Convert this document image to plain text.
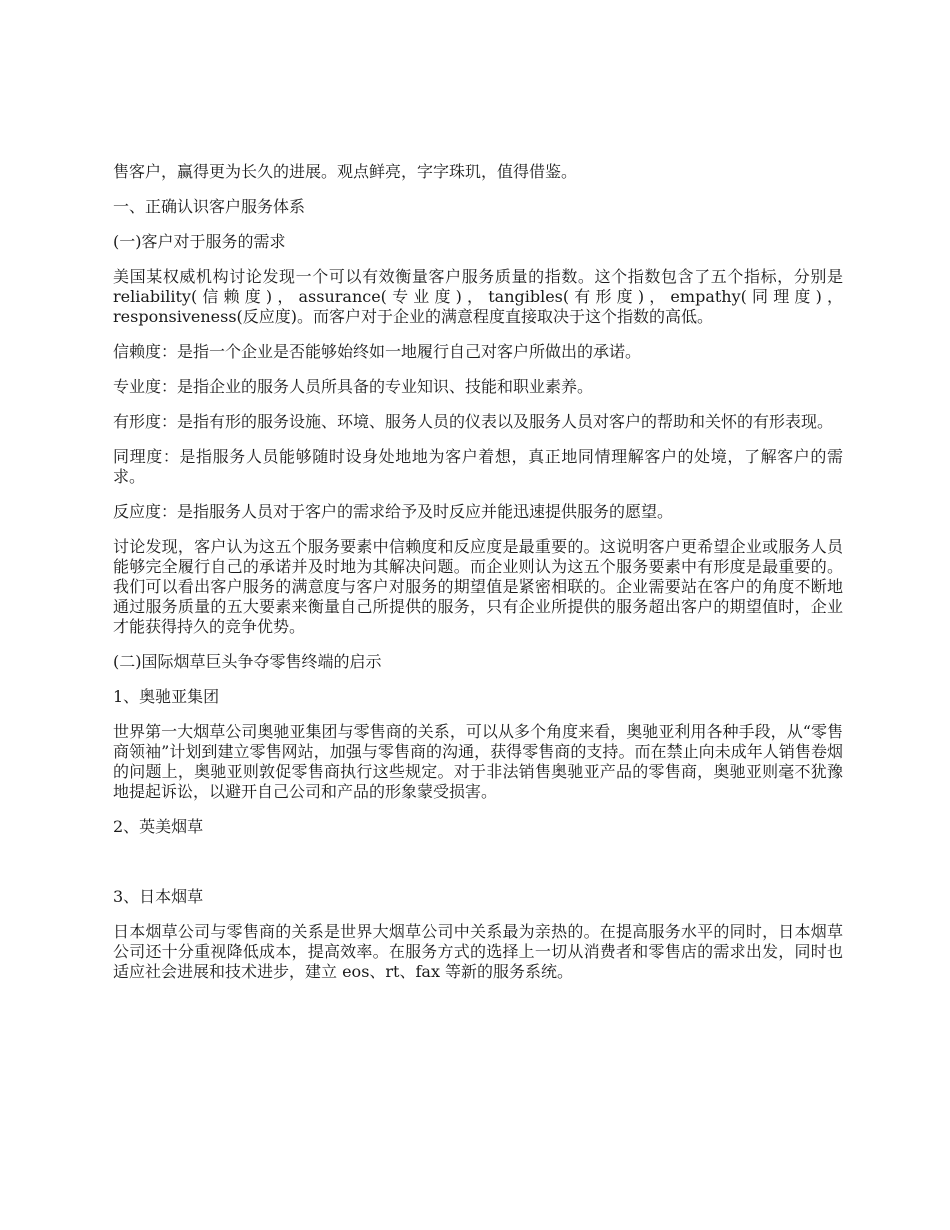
售客户，赢得更为长久的进展。观点鲜亮，字字珠玑，值得借鉴。

一、正确认识客户服务体系

(一)客户对于服务的需求

美国某权威机构讨论发现一个可以有效衡量客户服务质量的指数。这个指数包含了五个指标，分别是 reliability(信赖度)，assurance(专业度)，tangibles(有形度)，empathy(同理度)，responsiveness(反应度)。而客户对于企业的满意程度直接取决于这个指数的高低。

信赖度：是指一个企业是否能够始终如一地履行自己对客户所做出的承诺。

专业度：是指企业的服务人员所具备的专业知识、技能和职业素养。

有形度：是指有形的服务设施、环境、服务人员的仪表以及服务人员对客户的帮助和关怀的有形表现。

同理度：是指服务人员能够随时设身处地地为客户着想，真正地同情理解客户的处境，了解客户的需求。

反应度：是指服务人员对于客户的需求给予及时反应并能迅速提供服务的愿望。

讨论发现，客户认为这五个服务要素中信赖度和反应度是最重要的。这说明客户更希望企业或服务人员能够完全履行自己的承诺并及时地为其解决问题。而企业则认为这五个服务要素中有形度是最重要的。我们可以看出客户服务的满意度与客户对服务的期望值是紧密相联的。企业需要站在客户的角度不断地通过服务质量的五大要素来衡量自己所提供的服务，只有企业所提供的服务超出客户的期望值时，企业才能获得持久的竞争优势。

(二)国际烟草巨头争夺零售终端的启示

1、奥驰亚集团

世界第一大烟草公司奥驰亚集团与零售商的关系，可以从多个角度来看，奥驰亚利用各种手段，从“零售商领袖”计划到建立零售网站，加强与零售商的沟通，获得零售商的支持。而在禁止向未成年人销售卷烟的问题上，奥驰亚则敦促零售商执行这些规定。对于非法销售奥驰亚产品的零售商，奥驰亚则毫不犹豫地提起诉讼，以避开自己公司和产品的形象蒙受损害。

2、英美烟草

3、日本烟草

日本烟草公司与零售商的关系是世界大烟草公司中关系最为亲热的。在提高服务水平的同时，日本烟草公司还十分重视降低成本，提高效率。在服务方式的选择上一切从消费者和零售店的需求出发，同时也适应社会进展和技术进步，建立 eos、rt、fax 等新的服务系统。
